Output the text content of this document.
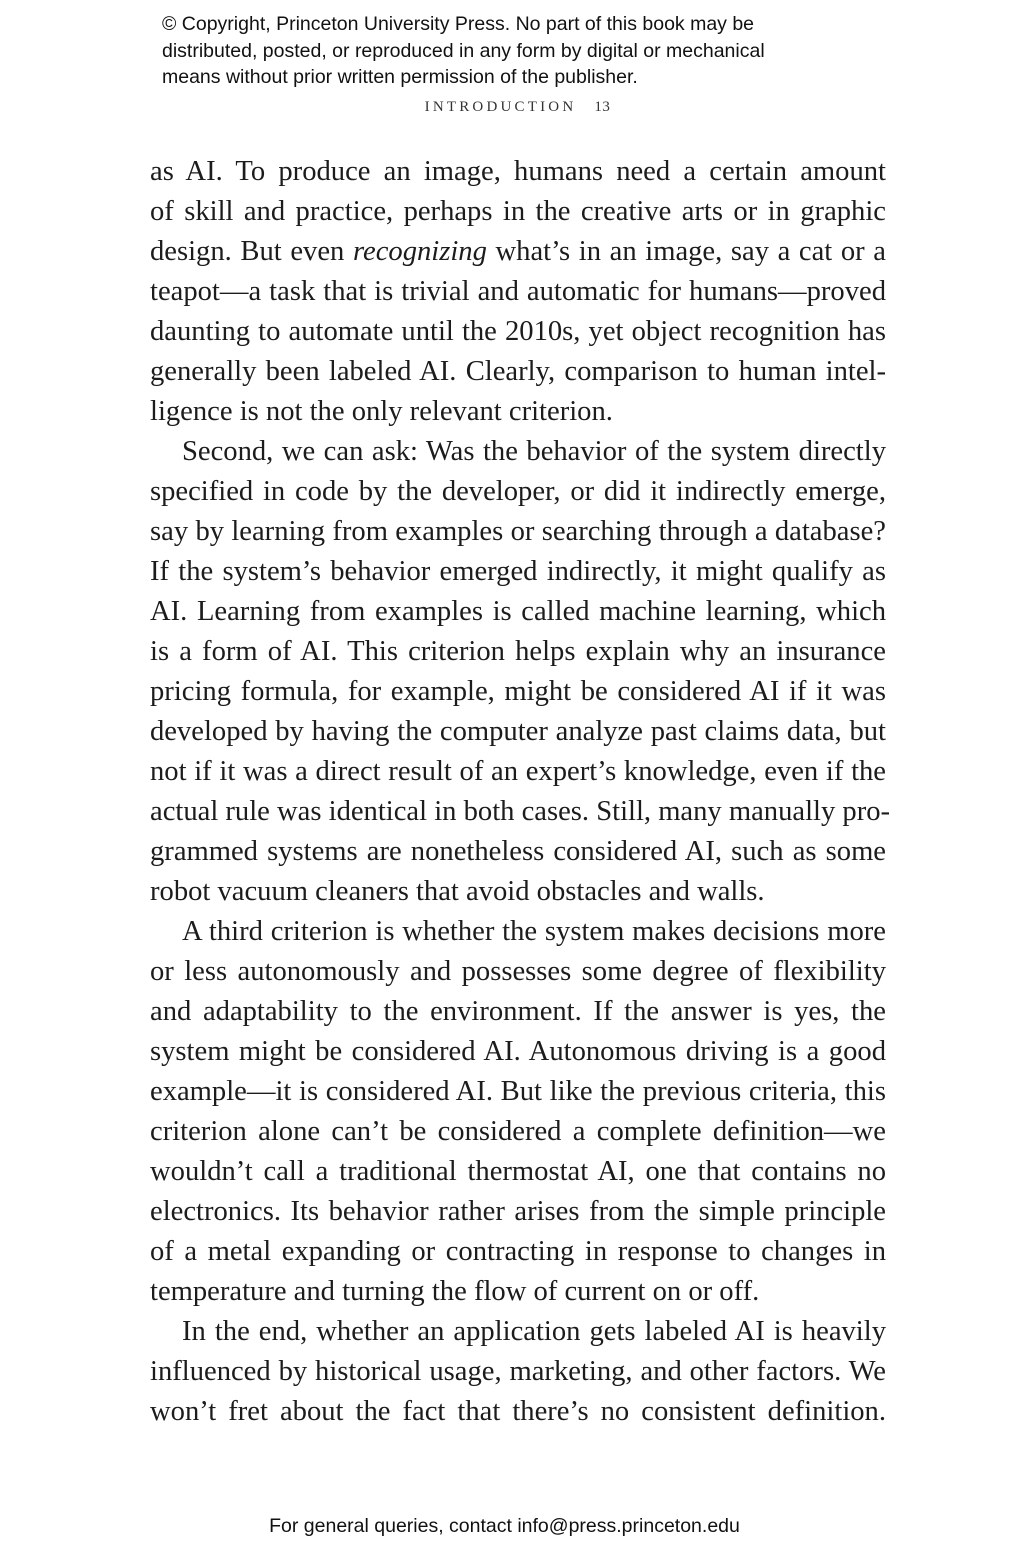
© Copyright, Princeton University Press. No part of this book may be
distributed, posted, or reproduced in any form by digital or mechanical
means without prior written permission of the publisher.
INTRODUCTION 13
as AI. To produce an image, humans need a certain amount
of skill and practice, perhaps in the creative arts or in graphic
design. But even recognizing what’s in an image, say a cat or a
teapot—a task that is trivial and automatic for humans—proved
daunting to automate until the 2010s, yet object recognition has
generally been labeled AI. Clearly, comparison to human intel-
ligence is not the only relevant criterion.
Second, we can ask: Was the behavior of the system directly
specified in code by the developer, or did it indirectly emerge,
say by learning from examples or searching through a database?
If the system’s behavior emerged indirectly, it might qualify as
AI. Learning from examples is called machine learning, which
is a form of AI. This criterion helps explain why an insurance
pricing formula, for example, might be considered AI if it was
developed by having the computer analyze past claims data, but
not if it was a direct result of an expert’s knowledge, even if the
actual rule was identical in both cases. Still, many manually pro-
grammed systems are nonetheless considered AI, such as some
robot vacuum cleaners that avoid obstacles and walls.
A third criterion is whether the system makes decisions more
or less autonomously and possesses some degree of flexibility
and adaptability to the environment. If the answer is yes, the
system might be considered AI. Autonomous driving is a good
example—it is considered AI. But like the previous criteria, this
criterion alone can’t be considered a complete definition—we
wouldn’t call a traditional thermostat AI, one that contains no
electronics. Its behavior rather arises from the simple principle
of a metal expanding or contracting in response to changes in
temperature and turning the flow of current on or off.
In the end, whether an application gets labeled AI is heavily
influenced by historical usage, marketing, and other factors. We
won’t fret about the fact that there’s no consistent definition.
For general queries, contact info@press.princeton.edu
